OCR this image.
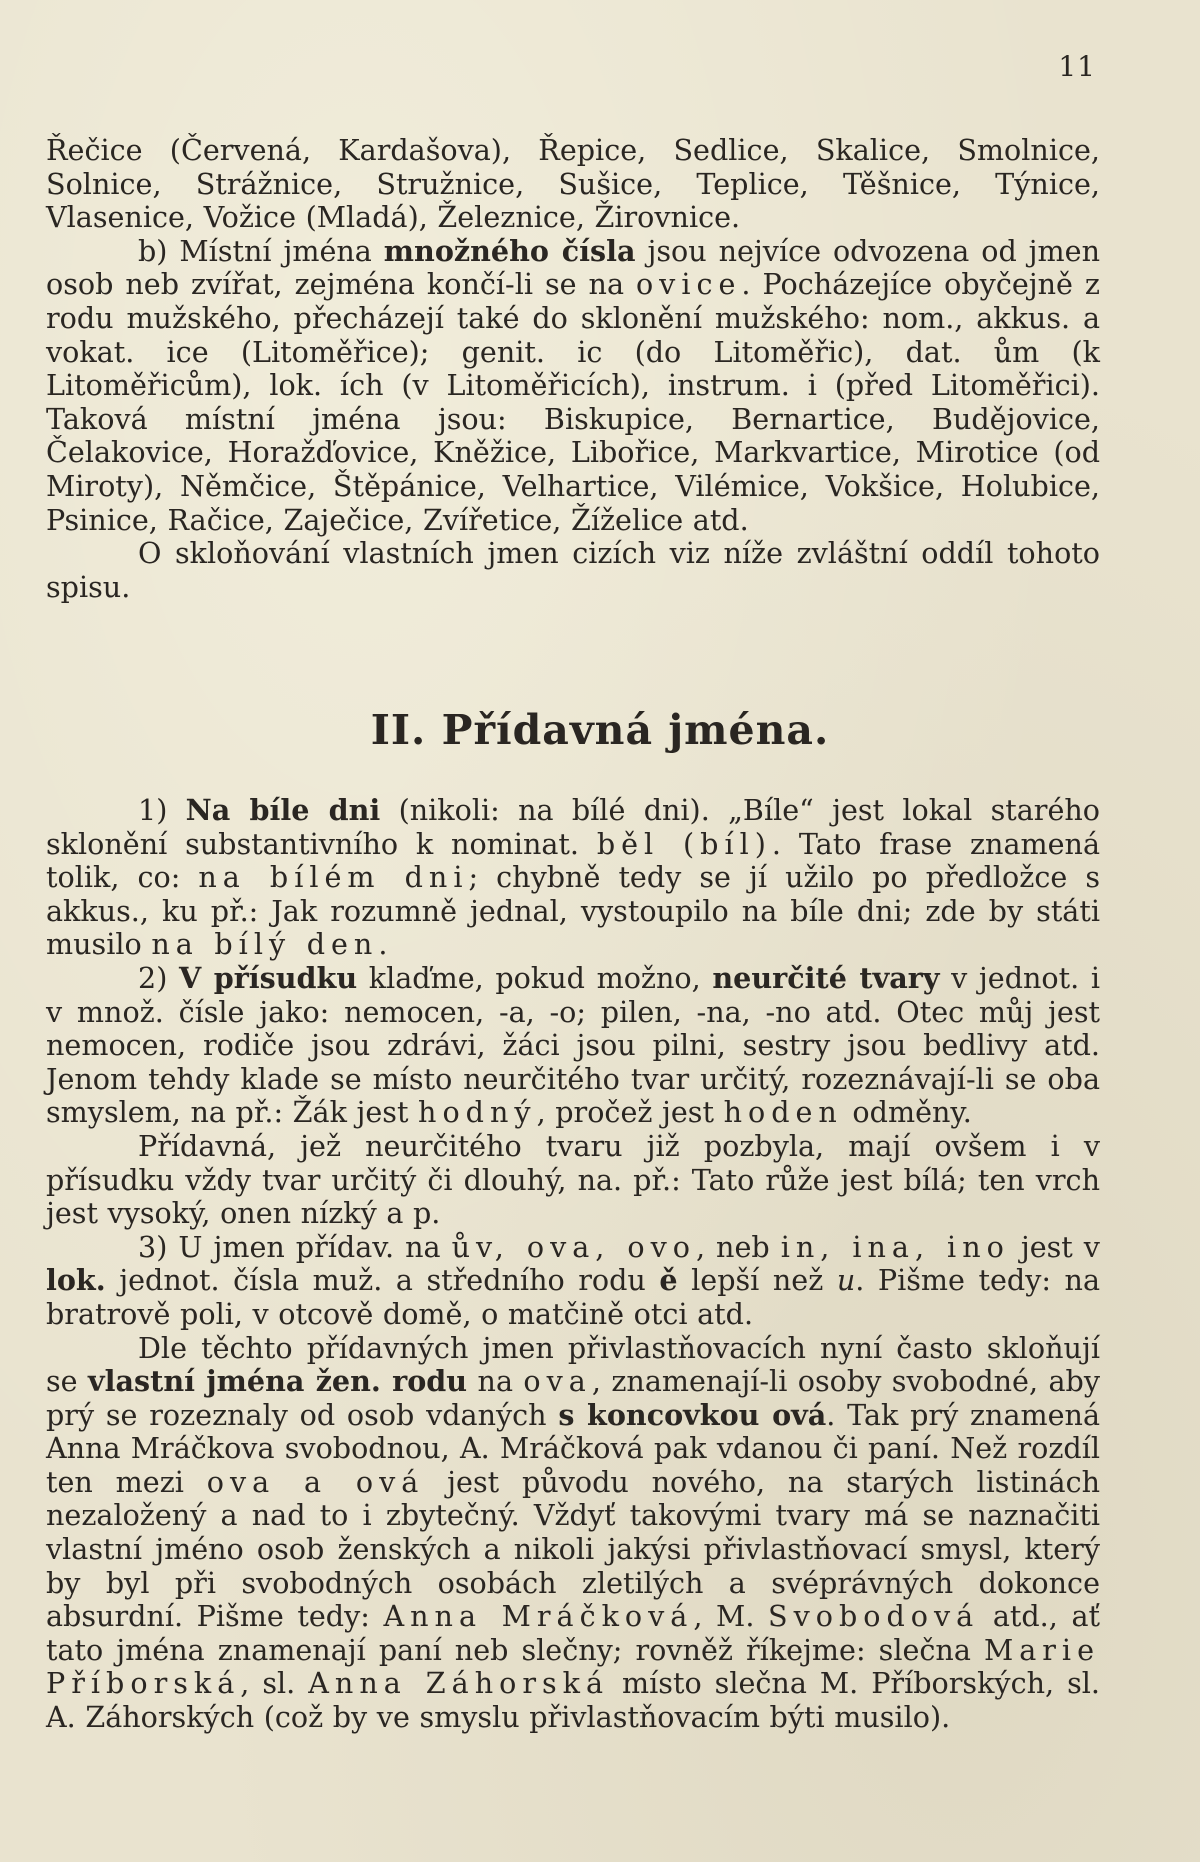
11

Řečice (Červená, Kardašova), Řepice, Sedlice, Skalice, Smolnice, Solnice, Strážnice, Stružnice, Sušice, Teplice, Těšnice, Týnice, Vlasenice, Vožice (Mladá), Železnice, Žirovnice.

b) Místní jména množného čísla jsou nejvíce odvozena od jmen osob neb zvířat, zejména končí-li se na ovice. Pocházejíce obyčejně z rodu mužského, přecházejí také do sklonění mužského: nom., akkus. a vokat. ice (Litoměřice); genit. ic (do Litoměřic), dat. ům (k Litoměřicům), lok. ích (v Litoměřicích), instrum. i (před Litoměřici). Taková místní jména jsou: Biskupice, Bernartice, Budějovice, Čelakovice, Horažďovice, Kněžice, Libořice, Markvartice, Mirotice (od Miroty), Němčice, Štěpánice, Velhartice, Vilémice, Vokšice, Holubice, Psinice, Račice, Zaječice, Zvířetice, Žíželice atd.

O skloňování vlastních jmen cizích viz níže zvláštní oddíl tohoto spisu.

II. Přídavná jména.

1) Na bíle dni (nikoli: na bílé dni). „Bíle“ jest lokal starého sklonění substantivního k nominat. běl (bíl). Tato frase znamená tolik, co: na bílém dni; chybně tedy se jí užilo po předložce s akkus., ku př.: Jak rozumně jednal, vystoupilo na bíle dni; zde by státi musilo na bílý den.

2) V přísudku klaďme, pokud možno, neurčité tvary v jednot. i v množ. čísle jako: nemocen, -a, -o; pilen, -na, -no atd. Otec můj jest nemocen, rodiče jsou zdrávi, žáci jsou pilni, sestry jsou bedlivy atd. Jenom tehdy klade se místo neurčitého tvar určitý, rozeznávají-li se oba smyslem, na př.: Žák jest hodný, pročež jest hoden odměny.

Přídavná, jež neurčitého tvaru již pozbyla, mají ovšem i v přísudku vždy tvar určitý či dlouhý, na. př.: Tato růže jest bílá; ten vrch jest vysoký, onen nízký a p.

3) U jmen přídav. na ův, ova, ovo, neb in, ina, ino jest v lok. jednot. čísla muž. a středního rodu ě lepší než u. Pišme tedy: na bratrově poli, v otcově domě, o matčině otci atd.

Dle těchto přídavných jmen přivlastňovacích nyní často skloňují se vlastní jména žen. rodu na ova, znamenají-li osoby svobodné, aby prý se rozeznaly od osob vdaných s koncovkou ová. Tak prý znamená Anna Mráčkova svobodnou, A. Mráčková pak vdanou či paní. Než rozdíl ten mezi ova a ová jest původu nového, na starých listinách nezaložený a nad to i zbytečný. Vždyť takovými tvary má se naznačiti vlastní jméno osob ženských a nikoli jakýsi přivlastňovací smysl, který by byl při svobodných osobách zletilých a svéprávných dokonce absurdní. Pišme tedy: Anna Mráčková, M. Svobodová atd., ať tato jména znamenají paní neb slečny; rovněž říkejme: slečna Marie Příborská, sl. Anna Záhorská místo slečna M. Příborských, sl. A. Záhorských (což by ve smyslu přivlastňovacím býti musilo).
